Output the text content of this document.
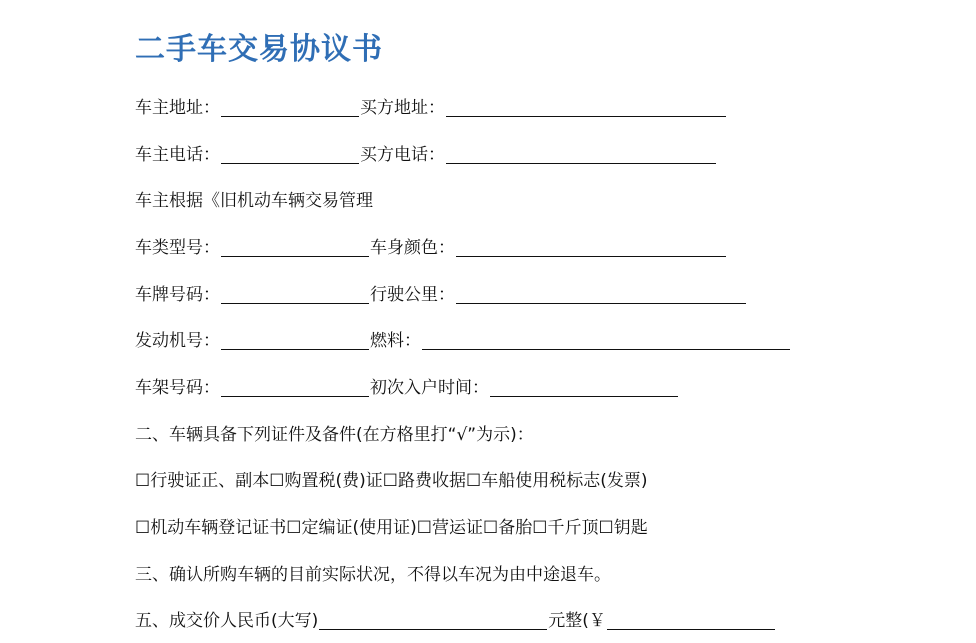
二手车交易协议书
车主地址：	买方地址：
车主电话：	买方电话：
车主根据《旧机动车辆交易管理
车类型号：	车身颜色：
车牌号码：	行驶公里：
发动机号：	燃料：
车架号码：	初次入户时间：
二、车辆具备下列证件及备件(在方格里打“√”为示)：
☐行驶证正、副本☐购置税(费)证☐路费收据☐车船使用税标志(发票)
☐机动车辆登记证书☐定编证(使用证)☐营运证☐备胎☐千斤顶☐钥匙
三、确认所购车辆的目前实际状况，不得以车况为由中途退车。
五、成交价人民币(大写)	元整(￥
